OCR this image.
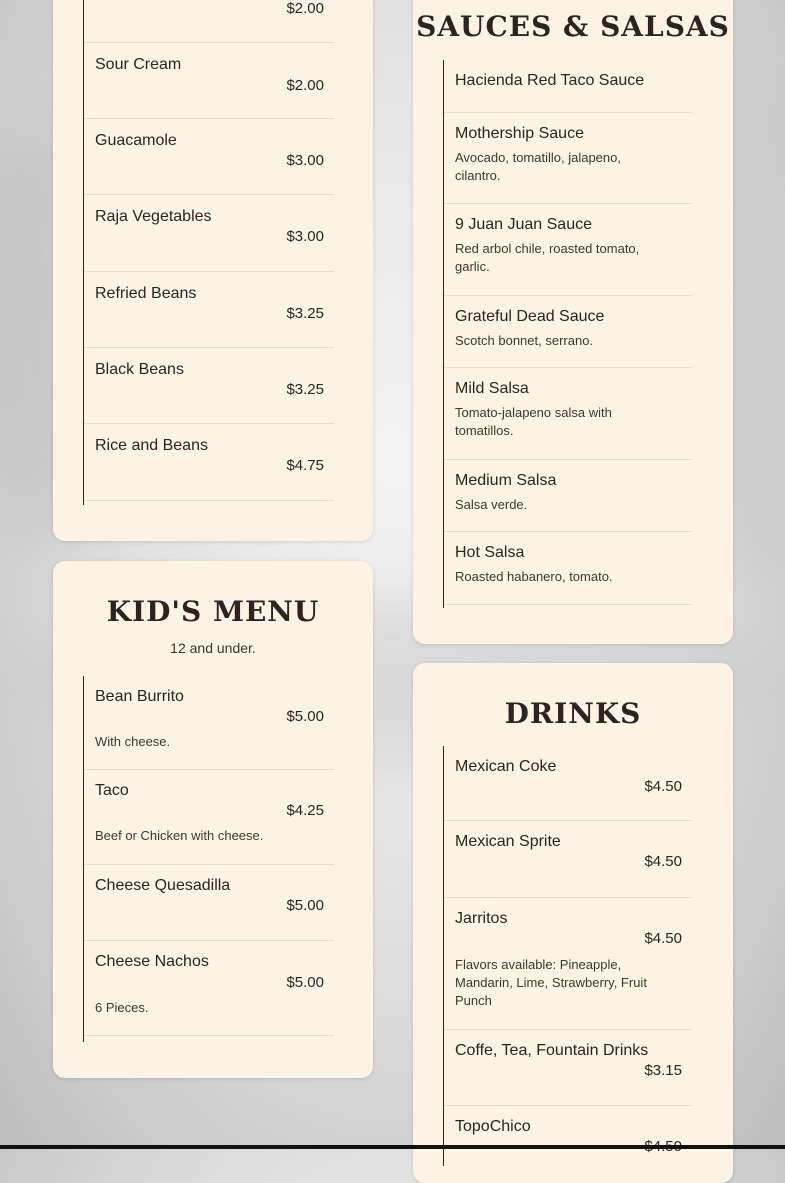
$2.00
Sour Cream
$2.00
Guacamole
$3.00
Raja Vegetables
$3.00
Refried Beans
$3.25
Black Beans
$3.25
Rice and Beans
$4.75
KID'S MENU
12 and under.
Bean Burrito
$5.00
With cheese.
Taco
$4.25
Beef or Chicken with cheese.
Cheese Quesadilla
$5.00
Cheese Nachos
$5.00
6 Pieces.
SAUCES & SALSAS
Hacienda Red Taco Sauce
Mothership Sauce
Avocado, tomatillo, jalapeno, cilantro.
9 Juan Juan Sauce
Red arbol chile, roasted tomato, garlic.
Grateful Dead Sauce
Scotch bonnet, serrano.
Mild Salsa
Tomato-jalapeno salsa with tomatillos.
Medium Salsa
Salsa verde.
Hot Salsa
Roasted habanero, tomato.
DRINKS
Mexican Coke
$4.50
Mexican Sprite
$4.50
Jarritos
$4.50
Flavors available: Pineapple, Mandarin, Lime, Strawberry, Fruit Punch
Coffe, Tea, Fountain Drinks
$3.15
TopoChico
